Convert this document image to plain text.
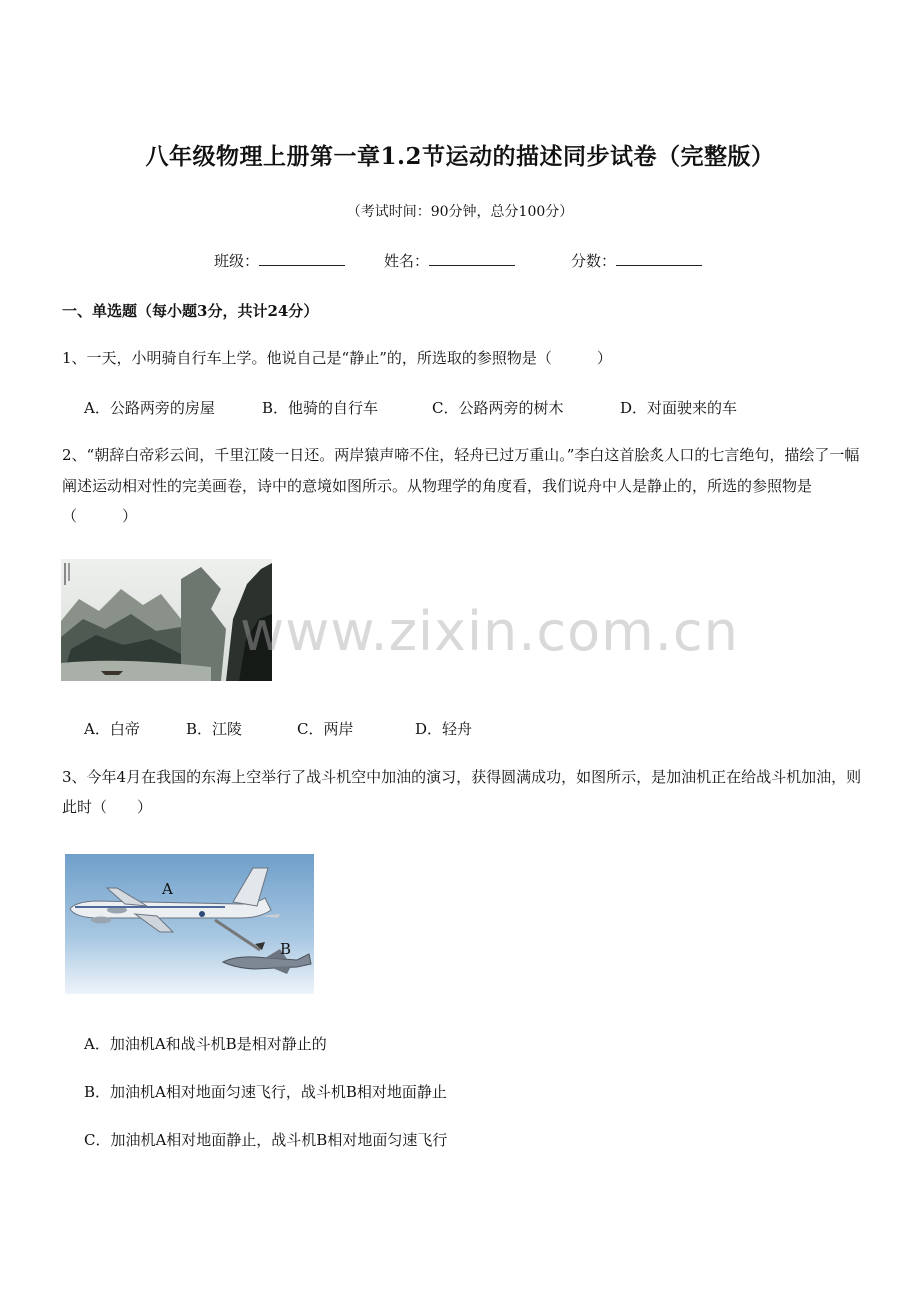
八年级物理上册第一章1.2节运动的描述同步试卷（完整版）
（考试时间：90分钟，总分100分）
班级：	姓名：	分数：
一、单选题（每小题3分，共计24分）
1、一天，小明骑自行车上学。他说自己是“静止”的，所选取的参照物是（　　　）
A．公路两旁的房屋	B．他骑的自行车	C．公路两旁的树木	D．对面驶来的车
2、“朝辞白帝彩云间，千里江陵一日还。两岸猿声啼不住，轻舟已过万重山。”李白这首脍炙人口的七言绝句，描绘了一幅阐述运动相对性的完美画卷，诗中的意境如图所示。从物理学的角度看，我们说舟中人是静止的，所选的参照物是（　　　）
A．白帝	B．江陵	C．两岸	D．轻舟
3、今年4月在我国的东海上空举行了战斗机空中加油的演习，获得圆满成功，如图所示，是加油机正在给战斗机加油，则此时（　　）
A
B
A．加油机A和战斗机B是相对静止的
B．加油机A相对地面匀速飞行，战斗机B相对地面静止
C．加油机A相对地面静止，战斗机B相对地面匀速飞行
www.zixin.com.cn
